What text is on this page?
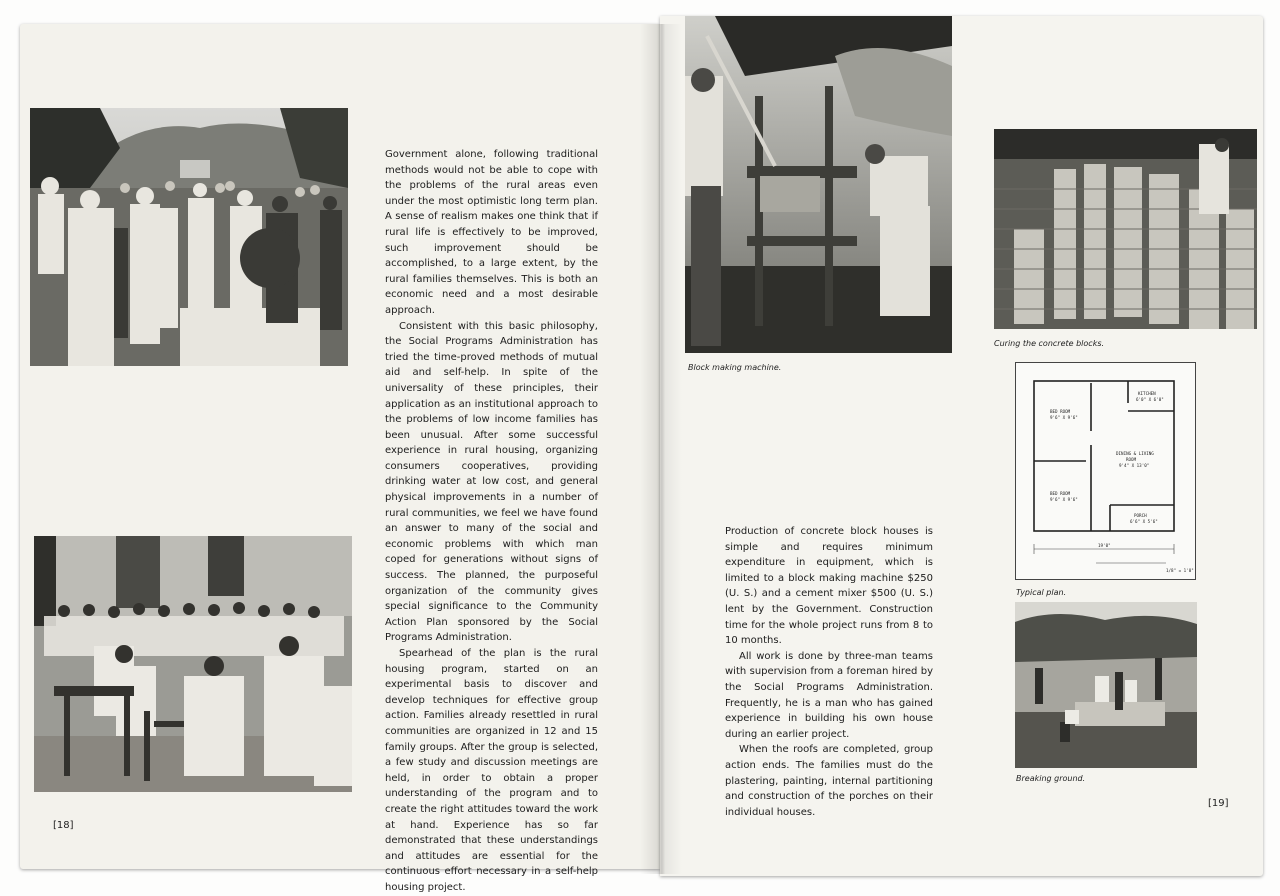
Government alone, following traditional methods would not be able to cope with the problems of the rural areas even under the most optimistic long term plan. A sense of realism makes one think that if rural life is effectively to be improved, such improvement should be accomplished, to a large extent, by the rural families themselves. This is both an economic need and a most desirable approach.

Consistent with this basic philosophy, the Social Programs Administration has tried the time-proved methods of mutual aid and self-help. In spite of the universality of these principles, their application as an institutional approach to the problems of low income families has been unusual. After some successful experience in rural housing, organizing consumers cooperatives, providing drinking water at low cost, and general physical improvements in a number of rural communities, we feel we have found an answer to many of the social and economic problems with which man coped for generations without signs of success. The planned, the purposeful organization of the community gives special significance to the Community Action Plan sponsored by the Social Programs Administration.

Spearhead of the plan is the rural housing program, started on an experimental basis to discover and develop techniques for effective group action. Families already resettled in rural communities are organized in 12 and 15 family groups. After the group is selected, a few study and discussion meetings are held, in order to obtain a proper understanding of the program and to create the right attitudes toward the work at hand. Experience has so far demonstrated that these understandings and attitudes are essential for the continuous effort necessary in a self-help housing project.

[18]
Block making machine.
Curing the concrete blocks.
BED ROOM
9'6" X 9'6"
KITCHEN
6'0" X 6'0"
DINING & LIVING
ROOM
9'4" X 13'0"
BED ROOM
9'6" X 9'6"
PORCH
6'6" X 5'6"
19'0"
1/8" = 1'0"
Typical plan.
Breaking ground.

Production of concrete block houses is simple and requires minimum expenditure in equipment, which is limited to a block making machine $250 (U. S.) and a cement mixer $500 (U. S.) lent by the Government. Construction time for the whole project runs from 8 to 10 months.

All work is done by three-man teams with supervision from a foreman hired by the Social Programs Administration. Frequently, he is a man who has gained experience in building his own house during an earlier project.

When the roofs are completed, group action ends. The families must do the plastering, painting, internal partitioning and construction of the porches on their individual houses.

[19]
